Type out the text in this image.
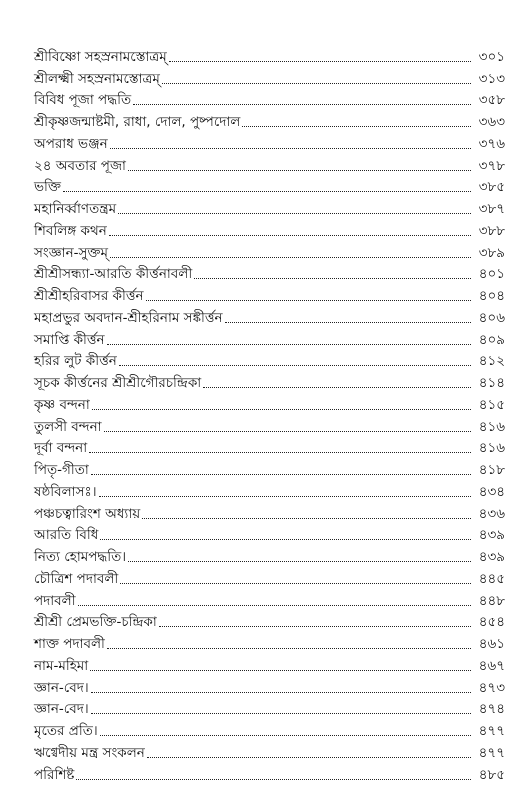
শ্রীবিষ্ণো সহস্রনামস্তোত্রম্	৩০১
শ্রীলক্ষ্মী সহস্রনামস্তোত্রম্	৩১৩
বিবিধ পূজা পদ্ধতি	৩৫৮
শ্রীকৃষ্ণজন্মাষ্টমী, রাধা, দোল, পুষ্পদোল	৩৬৩
অপরাধ ভঞ্জন	৩৭৬
২৪ অবতার পূজা	৩৭৮
ভক্তি	৩৮৫
মহানির্ব্বাণতন্ত্রম	৩৮৭
শিবলিঙ্গ কথন	৩৮৮
সংজ্ঞান-সুক্তম্	৩৮৯
শ্রীশ্রীসন্ধ্যা-আরতি কীর্ত্তনাবলী	৪০১
শ্রীশ্রীহরিবাসর কীর্ত্তন	৪০৪
মহাপ্রভুর অবদান-শ্রীহরিনাম সঙ্কীর্ত্তন	৪০৬
সমাপ্তি কীর্ত্তন	৪০৯
হরির লুট কীর্ত্তন	৪১২
সূচক কীর্ত্তনের শ্রীশ্রীগৌরচন্দ্রিকা	৪১৪
কৃষ্ণ বন্দনা	৪১৫
তুলসী বন্দনা	৪১৬
দূর্বা বন্দনা	৪১৬
পিতৃ-গীতা	৪১৮
ষষ্ঠবিলাসঃ।	৪৩৪
পঞ্চচত্বারিংশ অধ্যায়	৪৩৬
আরতি বিধি	৪৩৯
নিত্য হোমপদ্ধতি।	৪৩৯
চৌত্রিশ পদাবলী	৪৪৫
পদাবলী	৪৪৮
শ্রীশ্রী প্রেমভক্তি-চন্দ্রিকা	৪৫৪
শাক্ত পদাবলী	৪৬১
নাম-মহিমা	৪৬৭
জ্ঞান-বেদ।	৪৭৩
জ্ঞান-বেদ।	৪৭৪
মৃতের প্রতি।	৪৭৭
ঋগ্বেদীয় মন্ত্র সংকলন	৪৭৭
পরিশিষ্ট	৪৮৫
